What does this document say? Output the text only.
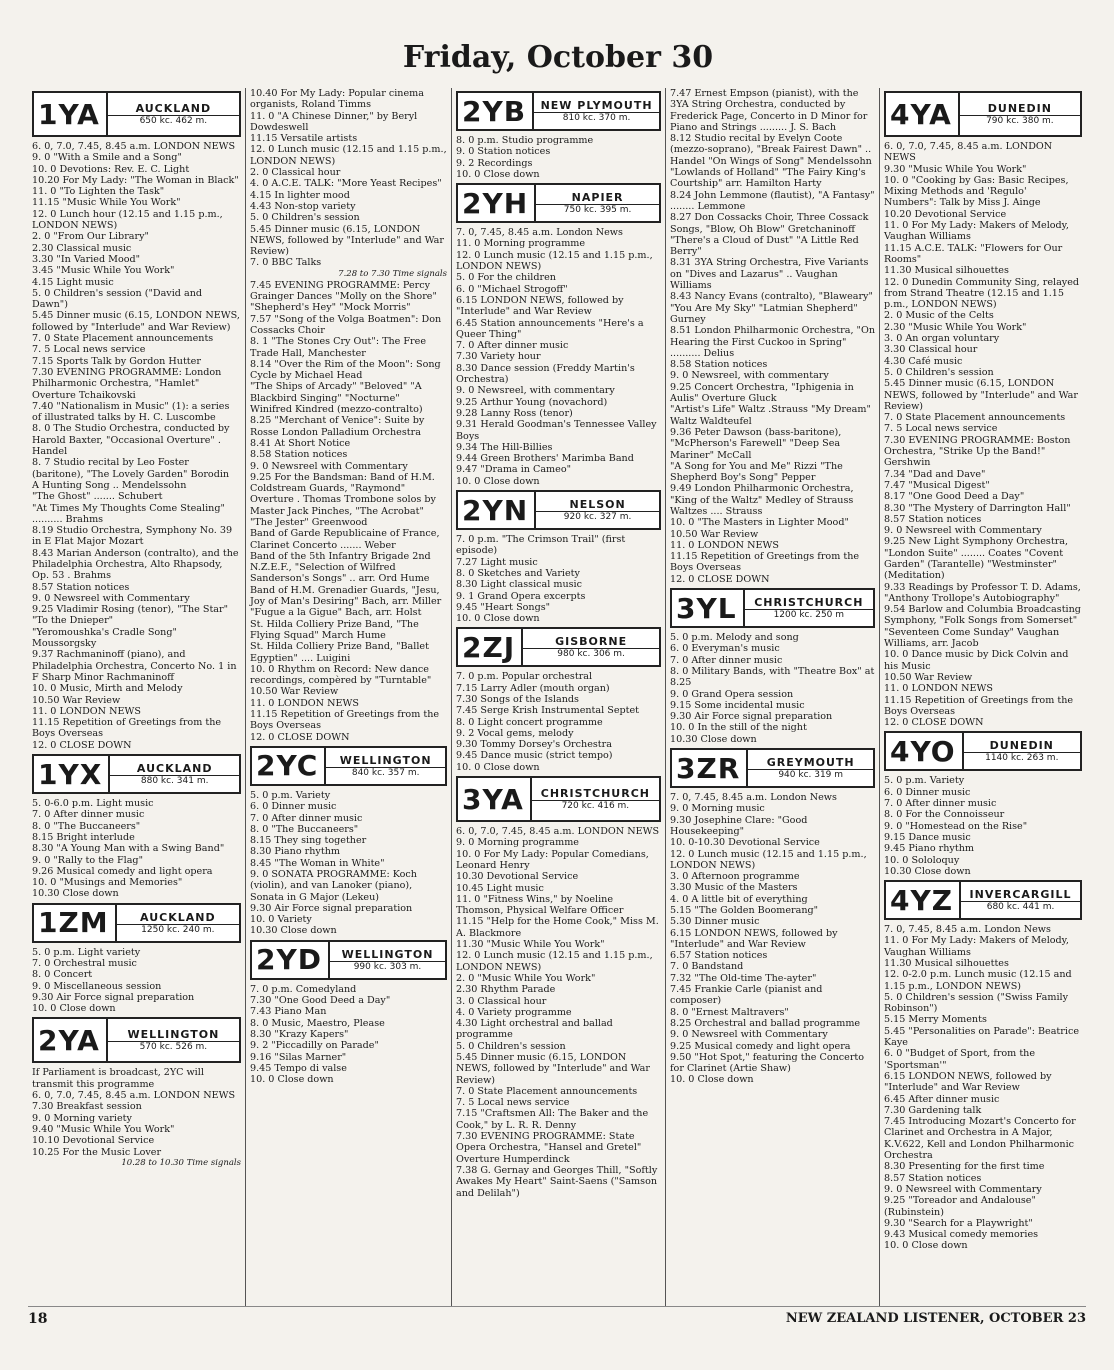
Friday, October 30
1YA	AUCKLAND
650 kc. 462 m.

6. 0, 7.0, 7.45, 8.45 a.m. LONDON NEWS

9. 0 "With a Smile and a Song"

10. 0 Devotions: Rev. E. C. Light

10.20 For My Lady: "The Woman in Black"

11. 0 "To Lighten the Task"

11.15 "Music While You Work"

12. 0 Lunch hour (12.15 and 1.15 p.m., LONDON NEWS)

2. 0 "From Our Library"

2.30 Classical music

3.30 "In Varied Mood"

3.45 "Music While You Work"

4.15 Light music

5. 0 Children's session ("David and Dawn")

5.45 Dinner music (6.15, LONDON NEWS, followed by "Interlude" and War Review)

7. 0 State Placement announcements

7. 5 Local news service

7.15 Sports Talk by Gordon Hutter

7.30 EVENING PROGRAMME: London Philharmonic Orchestra, "Hamlet" Overture Tchaikovski

7.40 "Nationalism in Music" (1): a series of illustrated talks by H. C. Luscombe

8. 0 The Studio Orchestra, conducted by Harold Baxter, "Occasional Overture" . Handel

8. 7 Studio recital by Leo Foster (baritone), "The Lovely Garden" Borodin

A Hunting Song .. Mendelssohn

"The Ghost" ....... Schubert

"At Times My Thoughts Come Stealing" .......... Brahms

8.19 Studio Orchestra, Symphony No. 39 in E Flat Major Mozart

8.43 Marian Anderson (contralto), and the Philadelphia Orchestra, Alto Rhapsody, Op. 53 . Brahms

8.57 Station notices

9. 0 Newsreel with Commentary

9.25 Vladimir Rosing (tenor), "The Star" "To the Dnieper"

"Yeromoushka's Cradle Song" Moussorgsky

9.37 Rachmaninoff (piano), and Philadelphia Orchestra, Concerto No. 1 in F Sharp Minor Rachmaninoff

10. 0 Music, Mirth and Melody

10.50 War Review

11. 0 LONDON NEWS

11.15 Repetition of Greetings from the Boys Overseas

12. 0 CLOSE DOWN

1YX	AUCKLAND
880 kc. 341 m.

5. 0-6.0 p.m. Light music

7. 0 After dinner music

8. 0 "The Buccaneers"

8.15 Bright interlude

8.30 "A Young Man with a Swing Band"

9. 0 "Rally to the Flag"

9.26 Musical comedy and light opera

10. 0 "Musings and Memories"

10.30 Close down

1ZM	AUCKLAND
1250 kc. 240 m.

5. 0 p.m. Light variety

7. 0 Orchestral music

8. 0 Concert

9. 0 Miscellaneous session

9.30 Air Force signal preparation

10. 0 Close down

2YA	WELLINGTON
570 kc. 526 m.

If Parliament is broadcast, 2YC will transmit this programme

6. 0, 7.0, 7.45, 8.45 a.m. LONDON NEWS

7.30 Breakfast session

9. 0 Morning variety

9.40 "Music While You Work"

10.10 Devotional Service

10.25 For the Music Lover

10.28 to 10.30 Time signals

10.40 For My Lady: Popular cinema organists, Roland Timms

11. 0 "A Chinese Dinner," by Beryl Dowdeswell

11.15 Versatile artists

12. 0 Lunch music (12.15 and 1.15 p.m., LONDON NEWS)

2. 0 Classical hour

4. 0 A.C.E. TALK: "More Yeast Recipes"

4.15 In lighter mood

4.43 Non-stop variety

5. 0 Children's session

5.45 Dinner music (6.15, LONDON NEWS, followed by "Interlude" and War Review)

7. 0 BBC Talks

7.28 to 7.30 Time signals

7.45 EVENING PROGRAMME: Percy Grainger Dances "Molly on the Shore" "Shepherd's Hey" "Mock Morris"

7.57 "Song of the Volga Boatmen": Don Cossacks Choir

8. 1 "The Stones Cry Out": The Free Trade Hall, Manchester

8.14 "Over the Rim of the Moon": Song Cycle by Michael Head

"The Ships of Arcady" "Beloved" "A Blackbird Singing" "Nocturne"

Winifred Kindred (mezzo-contralto)

8.25 "Merchant of Venice": Suite by Rosse London Palladium Orchestra

8.41 At Short Notice

8.58 Station notices

9. 0 Newsreel with Commentary

9.25 For the Bandsman: Band of H.M. Coldstream Guards, "Raymond" Overture . Thomas Trombone solos by Master Jack Pinches, "The Acrobat" "The Jester" Greenwood

Band of Garde Republicaine of France, Clarinet Concerto ....... Weber

Band of the 5th Infantry Brigade 2nd N.Z.E.F., "Selection of Wilfred Sanderson's Songs" .. arr. Ord Hume

Band of H.M. Grenadier Guards, "Jesu, Joy of Man's Desiring" Bach, arr. Miller

"Fugue a la Gigue" Bach, arr. Holst

St. Hilda Colliery Prize Band, "The Flying Squad" March Hume

St. Hilda Colliery Prize Band, "Ballet Egyptien" .... Luigini

10. 0 Rhythm on Record: New dance recordings, compèred by "Turntable"

10.50 War Review

11. 0 LONDON NEWS

11.15 Repetition of Greetings from the Boys Overseas

12. 0 CLOSE DOWN

2YC	WELLINGTON
840 kc. 357 m.

5. 0 p.m. Variety

6. 0 Dinner music

7. 0 After dinner music

8. 0 "The Buccaneers"

8.15 They sing together

8.30 Piano rhythm

8.45 "The Woman in White"

9. 0 SONATA PROGRAMME: Koch (violin), and van Lanoker (piano), Sonata in G Major (Lekeu)

9.30 Air Force signal preparation

10. 0 Variety

10.30 Close down

2YD	WELLINGTON
990 kc. 303 m.

7. 0 p.m. Comedyland

7.30 "One Good Deed a Day"

7.43 Piano Man

8. 0 Music, Maestro, Please

8.30 "Krazy Kapers"

9. 2 "Piccadilly on Parade"

9.16 "Silas Marner"

9.45 Tempo di valse

10. 0 Close down

2YB	NEW PLYMOUTH
810 kc. 370 m.

8. 0 p.m. Studio programme

9. 0 Station notices

9. 2 Recordings

10. 0 Close down

2YH	NAPIER
750 kc. 395 m.

7. 0, 7.45, 8.45 a.m. London News

11. 0 Morning programme

12. 0 Lunch music (12.15 and 1.15 p.m., LONDON NEWS)

5. 0 For the children

6. 0 "Michael Strogoff"

6.15 LONDON NEWS, followed by "Interlude" and War Review

6.45 Station announcements "Here's a Queer Thing"

7. 0 After dinner music

7.30 Variety hour

8.30 Dance session (Freddy Martin's Orchestra)

9. 0 Newsreel, with commentary

9.25 Arthur Young (novachord)

9.28 Lanny Ross (tenor)

9.31 Herald Goodman's Tennessee Valley Boys

9.34 The Hill-Billies

9.44 Green Brothers' Marimba Band

9.47 "Drama in Cameo"

10. 0 Close down

2YN	NELSON
920 kc. 327 m.

7. 0 p.m. "The Crimson Trail" (first episode)

7.27 Light music

8. 0 Sketches and Variety

8.30 Light classical music

9. 1 Grand Opera excerpts

9.45 "Heart Songs"

10. 0 Close down

2ZJ	GISBORNE
980 kc. 306 m.

7. 0 p.m. Popular orchestral

7.15 Larry Adler (mouth organ)

7.30 Songs of the Islands

7.45 Serge Krish Instrumental Septet

8. 0 Light concert programme

9. 2 Vocal gems, melody

9.30 Tommy Dorsey's Orchestra

9.45 Dance music (strict tempo)

10. 0 Close down

3YA	CHRISTCHURCH
720 kc. 416 m.

6. 0, 7.0, 7.45, 8.45 a.m. LONDON NEWS

9. 0 Morning programme

10. 0 For My Lady: Popular Comedians, Leonard Henry

10.30 Devotional Service

10.45 Light music

11. 0 "Fitness Wins," by Noeline Thomson, Physical Welfare Officer

11.15 "Help for the Home Cook," Miss M. A. Blackmore

11.30 "Music While You Work"

12. 0 Lunch music (12.15 and 1.15 p.m., LONDON NEWS)

2. 0 "Music While You Work"

2.30 Rhythm Parade

3. 0 Classical hour

4. 0 Variety programme

4.30 Light orchestral and ballad programme

5. 0 Children's session

5.45 Dinner music (6.15, LONDON NEWS, followed by "Interlude" and War Review)

7. 0 State Placement announcements

7. 5 Local news service

7.15 "Craftsmen All: The Baker and the Cook," by L. R. R. Denny

7.30 EVENING PROGRAMME: State Opera Orchestra, "Hansel and Gretel" Overture Humperdinck

7.38 G. Gernay and Georges Thill, "Softly Awakes My Heart" Saint-Saens ("Samson and Delilah")

7.47 Ernest Empson (pianist), with the 3YA String Orchestra, conducted by Frederick Page, Concerto in D Minor for Piano and Strings ......... J. S. Bach

8.12 Studio recital by Evelyn Coote (mezzo-soprano), "Break Fairest Dawn" .. Handel "On Wings of Song" Mendelssohn

"Lowlands of Holland" "The Fairy King's Courtship" arr. Hamilton Harty

8.24 John Lemmone (flautist), "A Fantasy" ........ Lemmone

8.27 Don Cossacks Choir, Three Cossack Songs, "Blow, Oh Blow" Gretchaninoff

"There's a Cloud of Dust" "A Little Red Berry"

8.31 3YA String Orchestra, Five Variants on "Dives and Lazarus" .. Vaughan Williams

8.43 Nancy Evans (contralto), "Blaweary" "You Are My Sky" "Latmian Shepherd" Gurney

8.51 London Philharmonic Orchestra, "On Hearing the First Cuckoo in Spring" .......... Delius

8.58 Station notices

9. 0 Newsreel, with commentary

9.25 Concert Orchestra, "Iphigenia in Aulis" Overture Gluck

"Artist's Life" Waltz .Strauss "My Dream" Waltz Waldteufel

9.36 Peter Dawson (bass-baritone), "McPherson's Farewell" "Deep Sea Mariner" McCall

"A Song for You and Me" Rizzi "The Shepherd Boy's Song" Pepper

9.49 London Philharmonic Orchestra, "King of the Waltz" Medley of Strauss Waltzes .... Strauss

10. 0 "The Masters in Lighter Mood"

10.50 War Review

11. 0 LONDON NEWS

11.15 Repetition of Greetings from the Boys Overseas

12. 0 CLOSE DOWN

3YL	CHRISTCHURCH
1200 kc. 250 m

5. 0 p.m. Melody and song

6. 0 Everyman's music

7. 0 After dinner music

8. 0 Military Bands, with "Theatre Box" at 8.25

9. 0 Grand Opera session

9.15 Some incidental music

9.30 Air Force signal preparation

10. 0 In the still of the night

10.30 Close down

3ZR	GREYMOUTH
940 kc. 319 m

7. 0, 7.45, 8.45 a.m. London News

9. 0 Morning music

9.30 Josephine Clare: "Good Housekeeping"

10. 0-10.30 Devotional Service

12. 0 Lunch music (12.15 and 1.15 p.m., LONDON NEWS)

3. 0 Afternoon programme

3.30 Music of the Masters

4. 0 A little bit of everything

5.15 "The Golden Boomerang"

5.30 Dinner music

6.15 LONDON NEWS, followed by "Interlude" and War Review

6.57 Station notices

7. 0 Bandstand

7.32 "The Old-time The-ayter"

7.45 Frankie Carle (pianist and composer)

8. 0 "Ernest Maltravers"

8.25 Orchestral and ballad programme

9. 0 Newsreel with Commentary

9.25 Musical comedy and light opera

9.50 "Hot Spot," featuring the Concerto for Clarinet (Artie Shaw)

10. 0 Close down

4YA	DUNEDIN
790 kc. 380 m.

6. 0, 7.0, 7.45, 8.45 a.m. LONDON NEWS

9.30 "Music While You Work"

10. 0 "Cooking by Gas: Basic Recipes, Mixing Methods and 'Regulo' Numbers": Talk by Miss J. Ainge

10.20 Devotional Service

11. 0 For My Lady: Makers of Melody, Vaughan Williams

11.15 A.C.E. TALK: "Flowers for Our Rooms"

11.30 Musical silhouettes

12. 0 Dunedin Community Sing, relayed from Strand Theatre (12.15 and 1.15 p.m., LONDON NEWS)

2. 0 Music of the Celts

2.30 "Music While You Work"

3. 0 An organ voluntary

3.30 Classical hour

4.30 Café music

5. 0 Children's session

5.45 Dinner music (6.15, LONDON NEWS, followed by "Interlude" and War Review)

7. 0 State Placement announcements

7. 5 Local news service

7.30 EVENING PROGRAMME: Boston Orchestra, "Strike Up the Band!" Gershwin

7.34 "Dad and Dave"

7.47 "Musical Digest"

8.17 "One Good Deed a Day"

8.30 "The Mystery of Darrington Hall"

8.57 Station notices

9. 0 Newsreel with Commentary

9.25 New Light Symphony Orchestra, "London Suite" ........ Coates "Covent Garden" (Tarantelle) "Westminster" (Meditation)

9.33 Readings by Professor T. D. Adams, "Anthony Trollope's Autobiography"

9.54 Barlow and Columbia Broadcasting Symphony, "Folk Songs from Somerset" "Seventeen Come Sunday" Vaughan Williams, arr. Jacob

10. 0 Dance music by Dick Colvin and his Music

10.50 War Review

11. 0 LONDON NEWS

11.15 Repetition of Greetings from the Boys Overseas

12. 0 CLOSE DOWN

4YO	DUNEDIN
1140 kc. 263 m.

5. 0 p.m. Variety

6. 0 Dinner music

7. 0 After dinner music

8. 0 For the Connoisseur

9. 0 "Homestead on the Rise"

9.15 Dance music

9.45 Piano rhythm

10. 0 Sololoquy

10.30 Close down

4YZ	INVERCARGILL
680 kc. 441 m.

7. 0, 7.45, 8.45 a.m. London News

11. 0 For My Lady: Makers of Melody, Vaughan Williams

11.30 Musical silhouettes

12. 0-2.0 p.m. Lunch music (12.15 and 1.15 p.m., LONDON NEWS)

5. 0 Children's session ("Swiss Family Robinson")

5.15 Merry Moments

5.45 "Personalities on Parade": Beatrice Kaye

6. 0 "Budget of Sport, from the 'Sportsman'"

6.15 LONDON NEWS, followed by "Interlude" and War Review

6.45 After dinner music

7.30 Gardening talk

7.45 Introducing Mozart's Concerto for Clarinet and Orchestra in A Major, K.V.622, Kell and London Philharmonic Orchestra

8.30 Presenting for the first time

8.57 Station notices

9. 0 Newsreel with Commentary

9.25 "Toreador and Andalouse" (Rubinstein)

9.30 "Search for a Playwright"

9.43 Musical comedy memories

10. 0 Close down

18	NEW ZEALAND LISTENER, OCTOBER 23
